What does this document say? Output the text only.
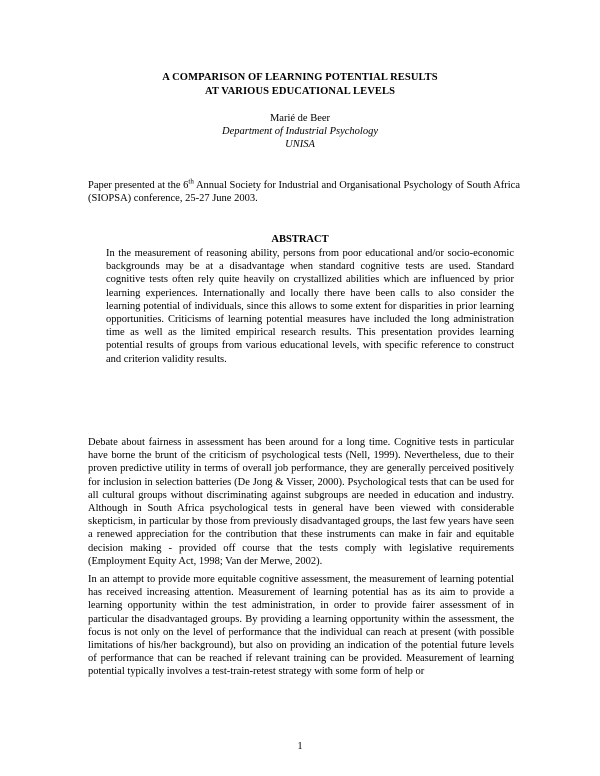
A COMPARISON OF LEARNING POTENTIAL RESULTS
AT VARIOUS EDUCATIONAL LEVELS
Marié de Beer
Department of Industrial Psychology
UNISA

Paper presented at the 6th Annual Society for Industrial and Organisational Psychology of South Africa (SIOPSA) conference, 25-27 June 2003.

ABSTRACT

In the measurement of reasoning ability, persons from poor educational and/or socio-economic backgrounds may be at a disadvantage when standard cognitive tests are used. Standard cognitive tests often rely quite heavily on crystallized abilities which are influenced by prior learning experiences. Internationally and locally there have been calls to also consider the learning potential of individuals, since this allows to some extent for disparities in prior learning opportunities. Criticisms of learning potential measures have included the long administration time as well as the limited empirical research results. This presentation provides learning potential results of groups from various educational levels, with specific reference to construct and criterion validity results.

Debate about fairness in assessment has been around for a long time. Cognitive tests in particular have borne the brunt of the criticism of psychological tests (Nell, 1999). Nevertheless, due to their proven predictive utility in terms of overall job performance, they are generally perceived positively for inclusion in selection batteries (De Jong & Visser, 2000). Psychological tests that can be used for all cultural groups without discriminating against subgroups are needed in education and industry. Although in South Africa psychological tests in general have been viewed with considerable skepticism, in particular by those from previously disadvantaged groups, the last few years have seen a renewed appreciation for the contribution that these instruments can make in fair and equitable decision making - provided off course that the tests comply with legislative requirements (Employment Equity Act, 1998; Van der Merwe, 2002).

In an attempt to provide more equitable cognitive assessment, the measurement of learning potential has received increasing attention. Measurement of learning potential has as its aim to provide a learning opportunity within the test administration, in order to provide fairer assessment of in particular the disadvantaged groups. By providing a learning opportunity within the assessment, the focus is not only on the level of performance that the individual can reach at present (with possible limitations of his/her background), but also on providing an indication of the potential future levels of performance that can be reached if relevant training can be provided. Measurement of learning potential typically involves a test-train-retest strategy with some form of help or

1
